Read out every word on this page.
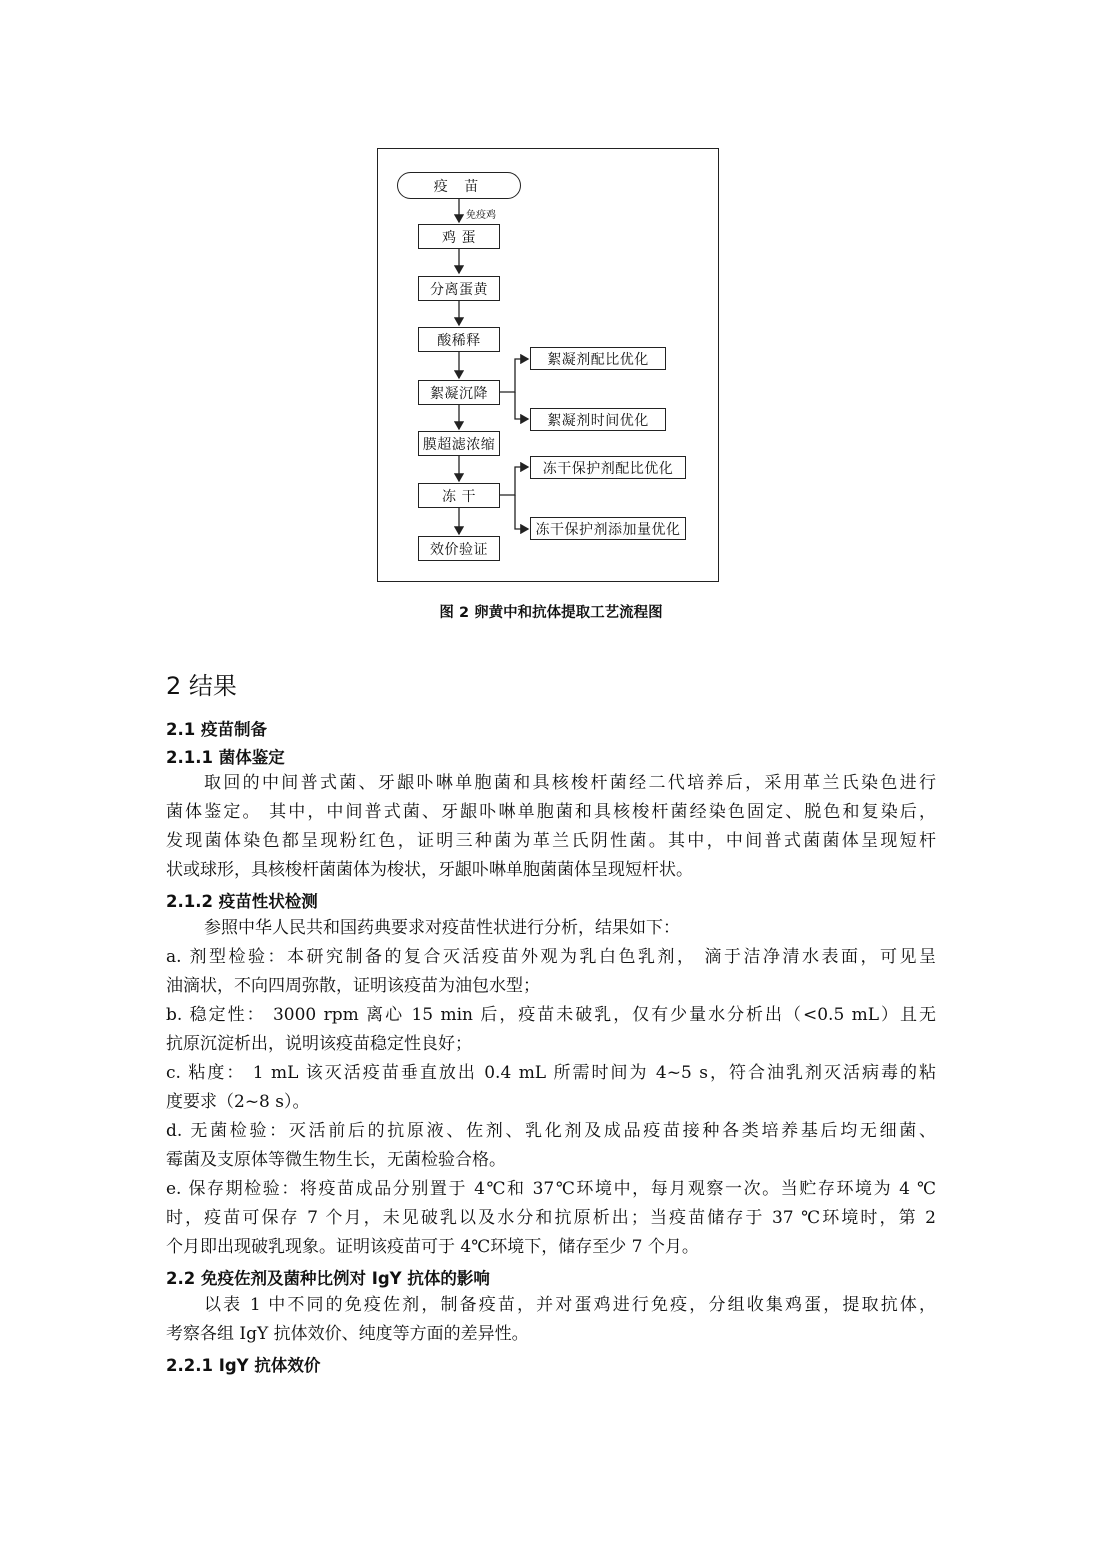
疫 苗
免疫鸡
鸡 蛋
分离蛋黄
酸稀释
絮凝沉降
膜超滤浓缩
冻 干
效价验证
絮凝剂配比优化
絮凝剂时间优化
冻干保护剂配比优化
冻干保护剂添加量优化
图 2 卵黄中和抗体提取工艺流程图
2 结果
2.1 疫苗制备
2.1.1 菌体鉴定
取回的中间普式菌、牙龈卟啉单胞菌和具核梭杆菌经二代培养后，采用革兰氏染色进行
菌体鉴定。 其中，中间普式菌、牙龈卟啉单胞菌和具核梭杆菌经染色固定、脱色和复染后，
发现菌体染色都呈现粉红色，证明三种菌为革兰氏阴性菌。其中，中间普式菌菌体呈现短杆
状或球形，具核梭杆菌菌体为梭状，牙龈卟啉单胞菌菌体呈现短杆状。
2.1.2 疫苗性状检测
参照中华人民共和国药典要求对疫苗性状进行分析，结果如下：
a. 剂型检验：本研究制备的复合灭活疫苗外观为乳白色乳剂， 滴于洁净清水表面，可见呈
油滴状，不向四周弥散，证明该疫苗为油包水型；
b. 稳定性： 3000 rpm 离心 15 min 后，疫苗未破乳，仅有少量水分析出（<0.5 mL）且无
抗原沉淀析出，说明该疫苗稳定性良好；
c. 粘度： 1 mL 该灭活疫苗垂直放出 0.4 mL 所需时间为 4~5 s，符合油乳剂灭活病毒的粘
度要求（2~8 s）。
d. 无菌检验：灭活前后的抗原液、佐剂、乳化剂及成品疫苗接种各类培养基后均无细菌、
霉菌及支原体等微生物生长，无菌检验合格。
e. 保存期检验：将疫苗成品分别置于 4℃和 37℃环境中，每月观察一次。当贮存环境为 4 ℃
时，疫苗可保存 7 个月，未见破乳以及水分和抗原析出；当疫苗储存于 37 ℃环境时，第 2
个月即出现破乳现象。证明该疫苗可于 4℃环境下，储存至少 7 个月。
2.2 免疫佐剂及菌种比例对 IgY 抗体的影响
以表 1 中不同的免疫佐剂，制备疫苗，并对蛋鸡进行免疫，分组收集鸡蛋，提取抗体，
考察各组 IgY 抗体效价、纯度等方面的差异性。
2.2.1 IgY 抗体效价
